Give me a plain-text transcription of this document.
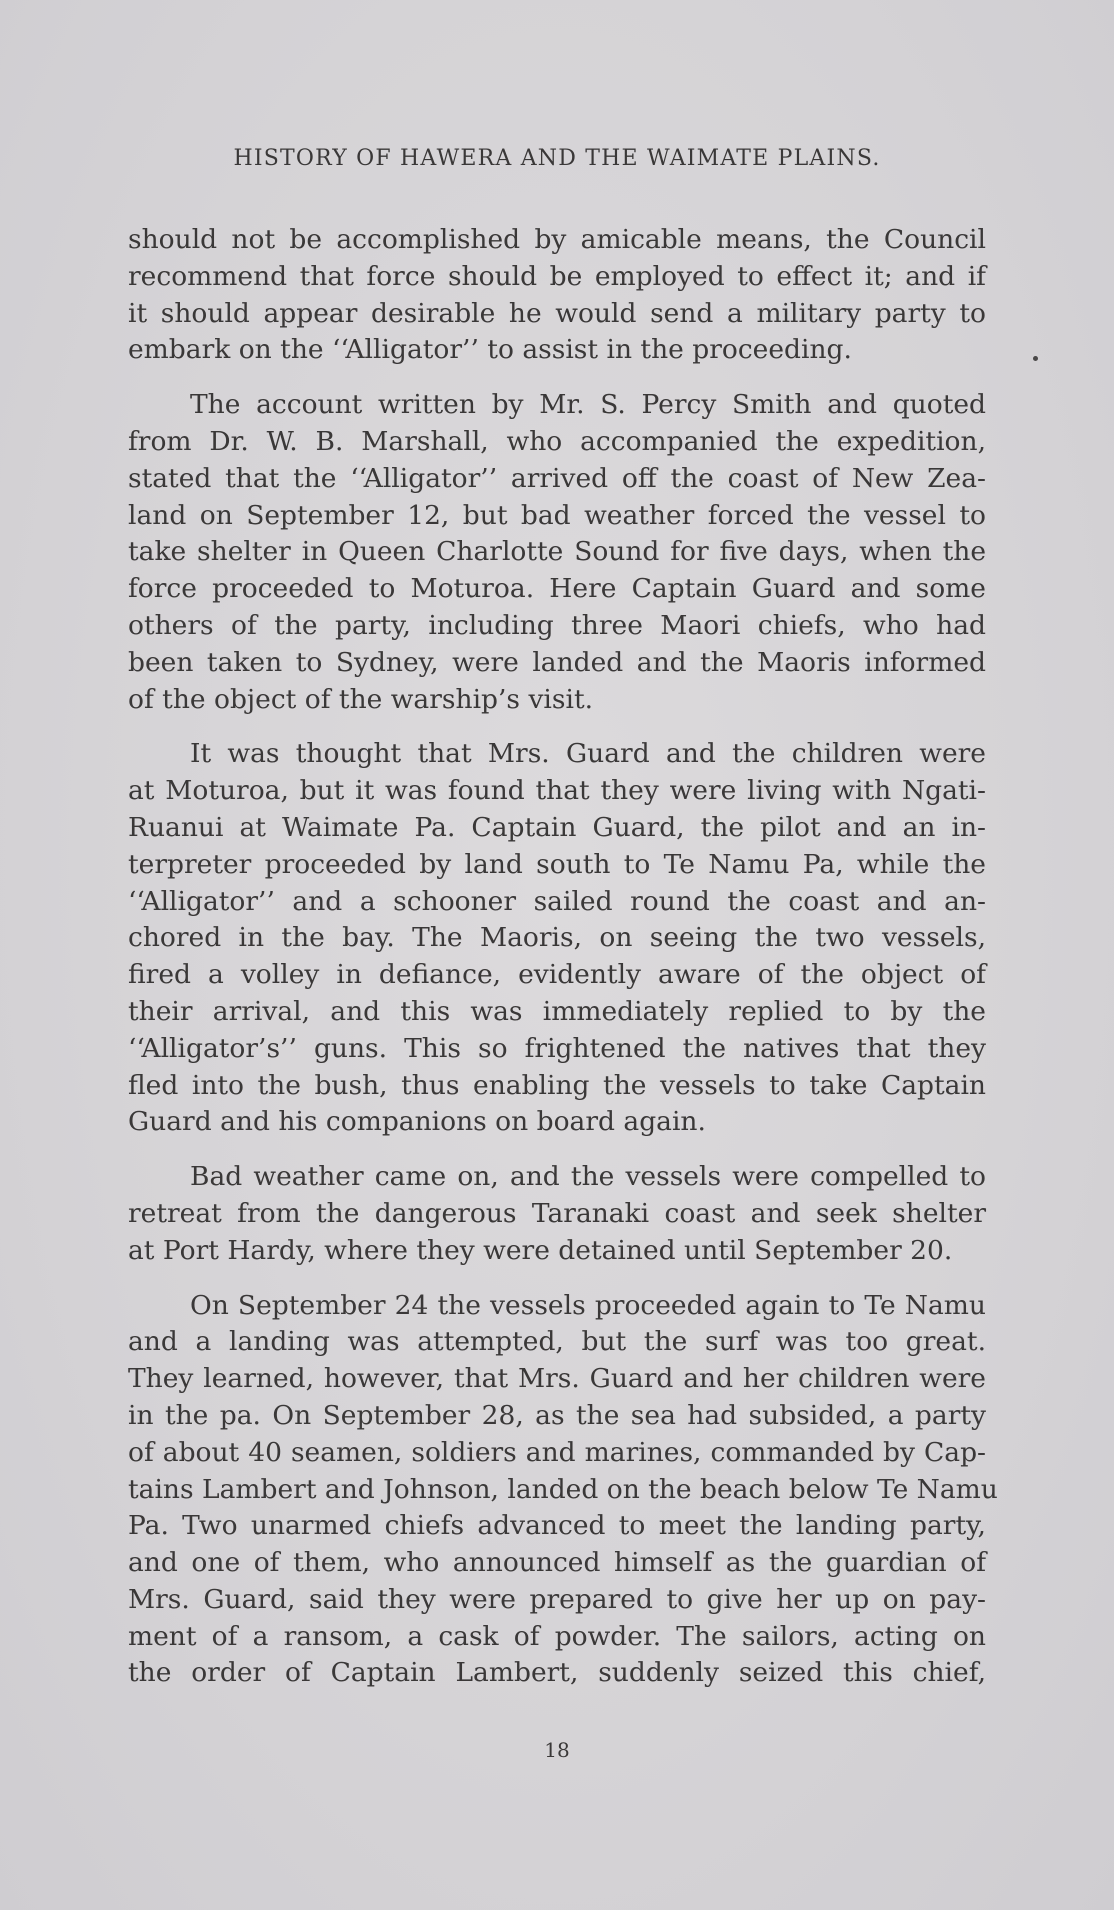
HISTORY OF HAWERA AND THE WAIMATE PLAINS.

should not be accomplished by amicable means, the Council
recommend that force should be employed to effect it; and if
it should appear desirable he would send a military party to
embark on the ‘‘Alligator’’ to assist in the proceeding.

The account written by Mr. S. Percy Smith and quoted
from Dr. W. B. Marshall, who accompanied the expedition,
stated that the ‘‘Alligator’’ arrived off the coast of New Zea-
land on September 12, but bad weather forced the vessel to
take shelter in Queen Charlotte Sound for five days, when the
force proceeded to Moturoa. Here Captain Guard and some
others of the party, including three Maori chiefs, who had
been taken to Sydney, were landed and the Maoris informed
of the object of the warship’s visit.

It was thought that Mrs. Guard and the children were
at Moturoa, but it was found that they were living with Ngati-
Ruanui at Waimate Pa. Captain Guard, the pilot and an in-
terpreter proceeded by land south to Te Namu Pa, while the
‘‘Alligator’’ and a schooner sailed round the coast and an-
chored in the bay. The Maoris, on seeing the two vessels,
fired a volley in defiance, evidently aware of the object of
their arrival, and this was immediately replied to by the
‘‘Alligator’s’’ guns. This so frightened the natives that they
fled into the bush, thus enabling the vessels to take Captain
Guard and his companions on board again.

Bad weather came on, and the vessels were compelled to
retreat from the dangerous Taranaki coast and seek shelter
at Port Hardy, where they were detained until September 20.

On September 24 the vessels proceeded again to Te Namu
and a landing was attempted, but the surf was too great.
They learned, however, that Mrs. Guard and her children were
in the pa. On September 28, as the sea had subsided, a party
of about 40 seamen, soldiers and marines, commanded by Cap-
tains Lambert and Johnson, landed on the beach below Te Namu
Pa. Two unarmed chiefs advanced to meet the landing party,
and one of them, who announced himself as the guardian of
Mrs. Guard, said they were prepared to give her up on pay-
ment of a ransom, a cask of powder. The sailors, acting on
the order of Captain Lambert, suddenly seized this chief,

18
